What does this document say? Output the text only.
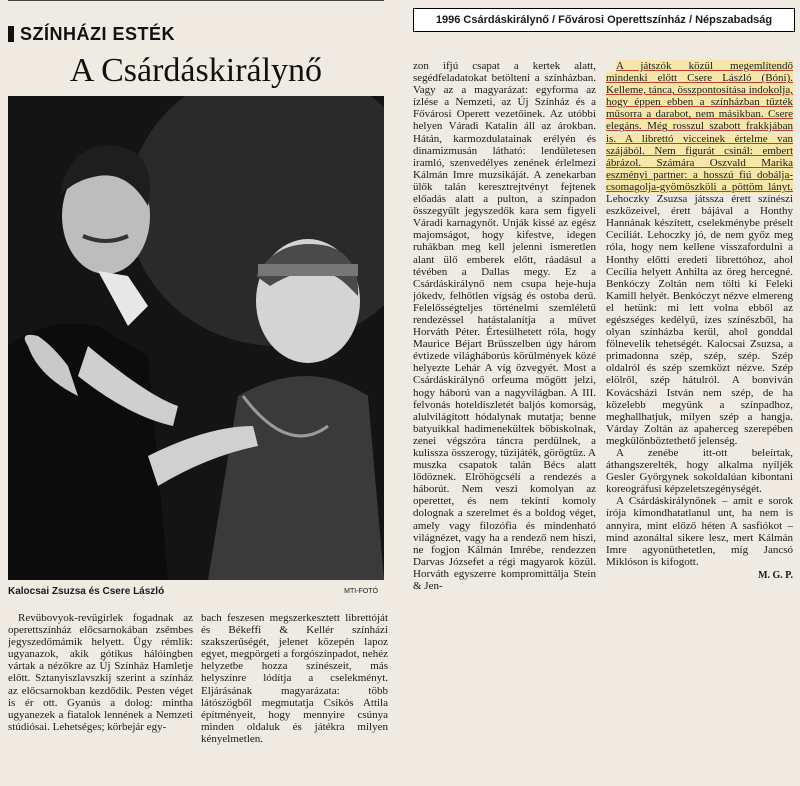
SZÍNHÁZI ESTÉK
A Csárdáskirálynő
Kalocsai Zsuzsa és Csere László	MTI-FOTÓ

Revübovyok-revügirlek fogadnak az operettszínház előcsarnokában zsémbes jegyszedőmámik helyett. Ügy rémlik: ugyanazok, akik gótikus hálóingben vártak a nézőkre az Új Színház Hamletje előtt. Sztanyiszlavszkij szerint a színház az előcsarnokban kezdődik. Pesten véget is ér ott. Gyanús a dolog: mintha ugyanezek a fiatalok lennének a Nemzeti stúdiósai. Lehetséges; körbejár egy-

bach feszesen megszerkesztett librettóját és Békeffi & Kellér színházi szakszerűségét, jelenet közepén lapoz egyet, megpörgeti a forgószínpadot, nehéz helyzetbe hozza színészeit, más helyszínre lódítja a cselekményt. Eljárásának magyarázata: több látószögből megmutatja Csikós Attila építményeit, hogy mennyire csúnya minden oldaluk és játékra milyen kényelmetlen.

1996 Csárdáskirálynő / Fővárosi Operettszínház / Népszabadság

zon ifjú csapat a kertek alatt, segédfeladatokat betölteni a színházban. Vagy az a magyarázat: egyforma az ízlése a Nemzeti, az Új Színház és a Fővárosi Operett vezetőinek. Az utóbbi helyen Váradi Katalin áll az árokban. Hátán, karmozdulatainak erélyén és dinamizmusán látható: lendületesen iramló, szenvedélyes zenének érlelmezi Kálmán Imre muzsikáját. A zenekarban ülők talán keresztrejtvényt fejtenek előadás alatt a pulton, a színpadon összegyűlt jegyszedők kara sem figyeli Váradi karnagynőt. Unják kissé az egész majomságot, hogy kifestve, idegen ruhákban meg kell jelenni ismeretlen alant ülő emberek előtt, ráadásul a tévében a Dallas megy. Ez a Csárdáskirálynő nem csupa heje-huja jókedv, felhőtlen vígság és ostoba derű. Felelősségteljes történelmi szemléletű rendezéssel hatástalanítja a művet Horváth Péter. Értesülhetett róla, hogy Maurice Béjart Brüsszelben úgy három évtizede világháborús körülmények közé helyezte Lehár A víg özvegyét. Most a Csárdáskirálynő orfeuma mögött jelzi, hogy háború van a nagyvilágban. A III. felvonás hoteldíszletét baljós komorság, alulvilágított hódalynak mutatja; benne batyuikkal hadimenekültek böbiskolnak, zenei végszóra táncra perdülnek, a kulissza összerogy, tűzijáték, görögtűz. A muszka csapatok talán Bécs alatt lődöznek. Elröhögcsélí a rendezés a háborút. Nem veszi komolyan az operettet, és nem tekinti komoly dolognak a szerelmet és a boldog véget, amely vagy filozófia és mindenható világnézet, vagy ha a rendező nem hiszi, ne fogjon Kálmán Imrébe, rendezzen Darvas Józsefet a régi magyarok közül. Horváth egyszerre kompromittálja Stein & Jen-

A játszók közül megemlítendő mindenki előtt Csere László (Bóni). Kelleme, tánca, összpontosítása indokolja, hogy éppen ebben a színházban tűzték műsorra a darabot, nem másikban. Csere elegáns. Még rosszul szabott frakkjában is. A librettó vicceinek értelme van szájából. Nem figurát csinál: embert ábrázol. Számára Oszvald Marika eszményi partner: a hosszú fiú dobálja-csomagolja-gyömöszköli a pöttöm lányt. Lehoczky Zsuzsa játssza érett színészi eszközeivel, érett bájával a Honthy Hannának készített, cselekménybe préselt Ceciliát. Lehoczky jó, de nem győz meg róla, hogy nem kellene visszafordulni a Honthy előtti eredeti librettóhoz, ahol Cecília helyett Anhilta az öreg hercegné. Benkóczy Zoltán nem tölti ki Feleki Kamill helyét. Benkóczyt nézve elmereng el hetünk: mi lett volna ebből az egészséges kedélyű, ízes színészből, ha olyan színházba kerül, ahol gonddal fölnevelik tehetségét. Kalocsai Zsuzsa, a primadonna szép, szép, szép. Szép oldalról és szép szemközt nézve. Szép elölről, szép hátulról. A bonviván Kovácsházi István nem szép, de ha közelebb megyünk a színpadhoz, meghallhatjuk, milyen szép a hangja. Várday Zoltán az apaherceg szerepében megkülönböztethető jelenség.

A zenébe itt-ott beleírtak, áthangszerelték, hogy alkalma nyíljék Gesler Györgynek sokoldalúan kibontani koreográfusi képzeletszegénységét.

A Csárdáskirálynőnek – amit e sorok írója kimondhatatlanul unt, ha nem is annyira, mint előző héten A sasfiókot – mind azonáltal sikere lesz, mert Kálmán Imre agyonüthetetlen, míg Jancsó Miklóson is kifogott.

M. G. P.
